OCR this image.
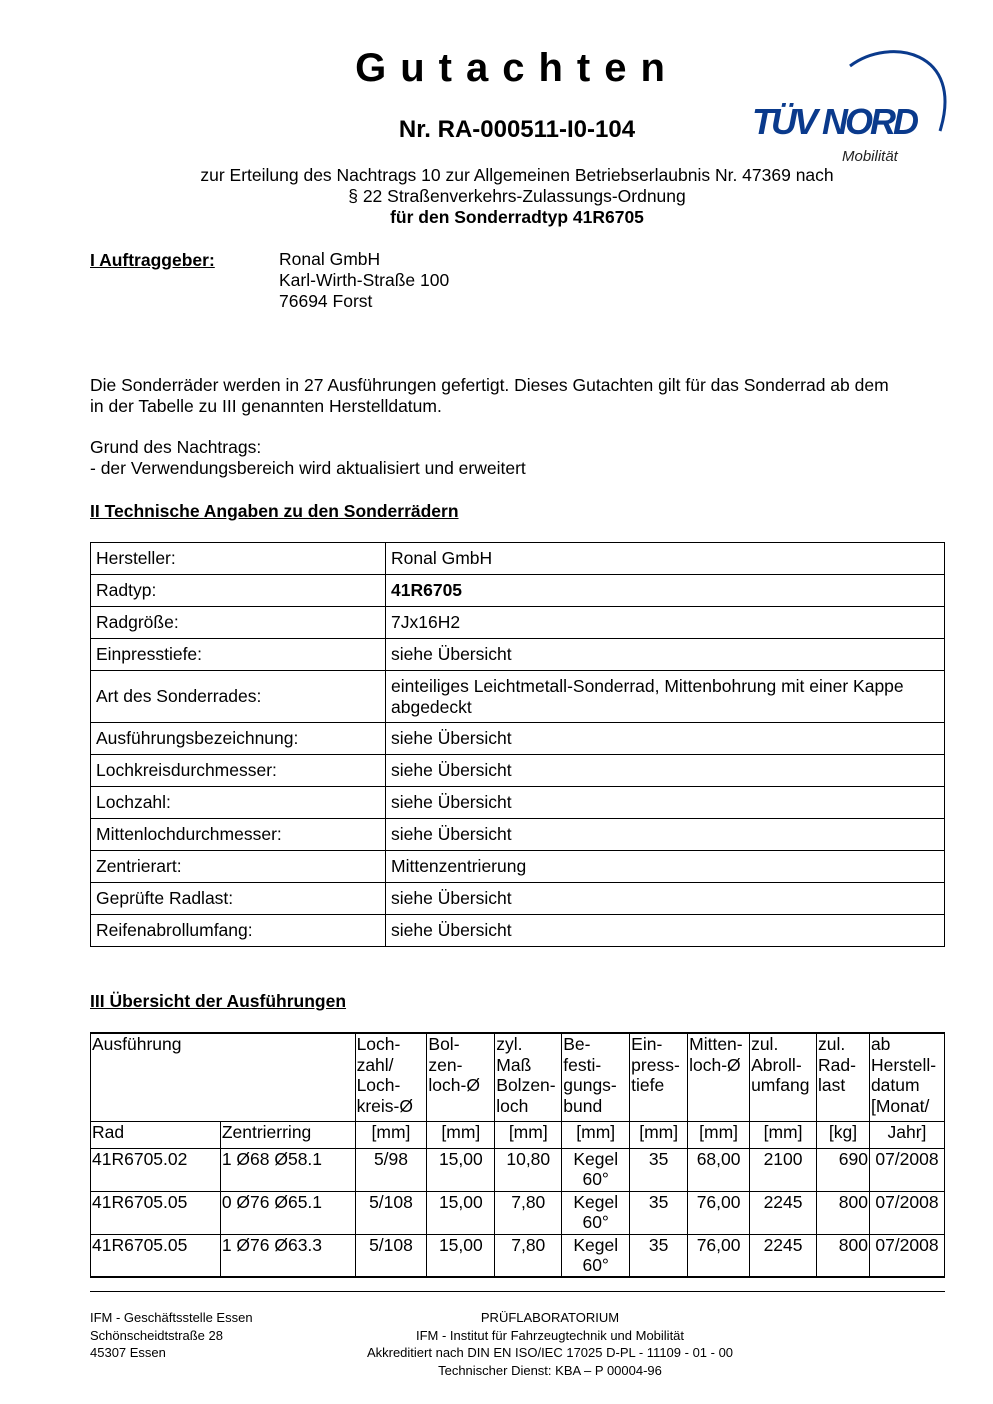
Gutachten
Nr. RA-000511-I0-104	TÜV NORD
Mobilität
zur Erteilung des Nachtrags 10 zur Allgemeinen Betriebserlaubnis Nr. 47369 nach
§ 22 Straßenverkehrs-Zulassungs-Ordnung
für den Sonderradtyp 41R6705
I Auftraggeber:	Ronal GmbH
Karl-Wirth-Straße 100
76694 Forst
Die Sonderräder werden in 27 Ausführungen gefertigt. Dieses Gutachten gilt für das Sonderrad ab dem
in der Tabelle zu III genannten Herstelldatum.
Grund des Nachtrags:
- der Verwendungsbereich wird aktualisiert und erweitert
II Technische Angaben zu den Sonderrädern
Hersteller:	Ronal GmbH
Radtyp:	41R6705
Radgröße:	7Jx16H2
Einpresstiefe:	siehe Übersicht
Art des Sonderrades:	einteiliges Leichtmetall-Sonderrad, Mittenbohrung mit einer Kappe abgedeckt
Ausführungsbezeichnung:	siehe Übersicht
Lochkreisdurchmesser:	siehe Übersicht
Lochzahl:	siehe Übersicht
Mittenlochdurchmesser:	siehe Übersicht
Zentrierart:	Mittenzentrierung
Geprüfte Radlast:	siehe Übersicht
Reifenabrollumfang:	siehe Übersicht
III Übersicht der Ausführungen
Ausführung		Loch-
zahl/
Loch-
kreis-Ø	Bol-
zen-
loch-Ø	zyl.
Maß
Bolzen-
loch	Be-
festi-
gungs-
bund	Ein-
press-
tiefe	Mitten-
loch-Ø	zul.
Abroll-
umfang	zul.
Rad-
last	ab
Herstell-
datum
[Monat/
Rad	Zentrierring	[mm]	[mm]	[mm]	[mm]	[mm]	[mm]	[mm]	[kg]	Jahr]
41R6705.02	1 Ø68 Ø58.1	5/98	15,00	10,80	Kegel
60°	35	68,00	2100	690	07/2008
41R6705.05	0 Ø76 Ø65.1	5/108	15,00	7,80	Kegel
60°	35	76,00	2245	800	07/2008
41R6705.05	1 Ø76 Ø63.3	5/108	15,00	7,80	Kegel
60°	35	76,00	2245	800	07/2008
IFM - Geschäftsstelle Essen
Schönscheidtstraße 28
45307 Essen
PRÜFLABORATORIUM
IFM - Institut für Fahrzeugtechnik und Mobilität
Akkreditiert nach DIN EN ISO/IEC 17025 D-PL - 11109 - 01 - 00
Technischer Dienst: KBA – P 00004-96
